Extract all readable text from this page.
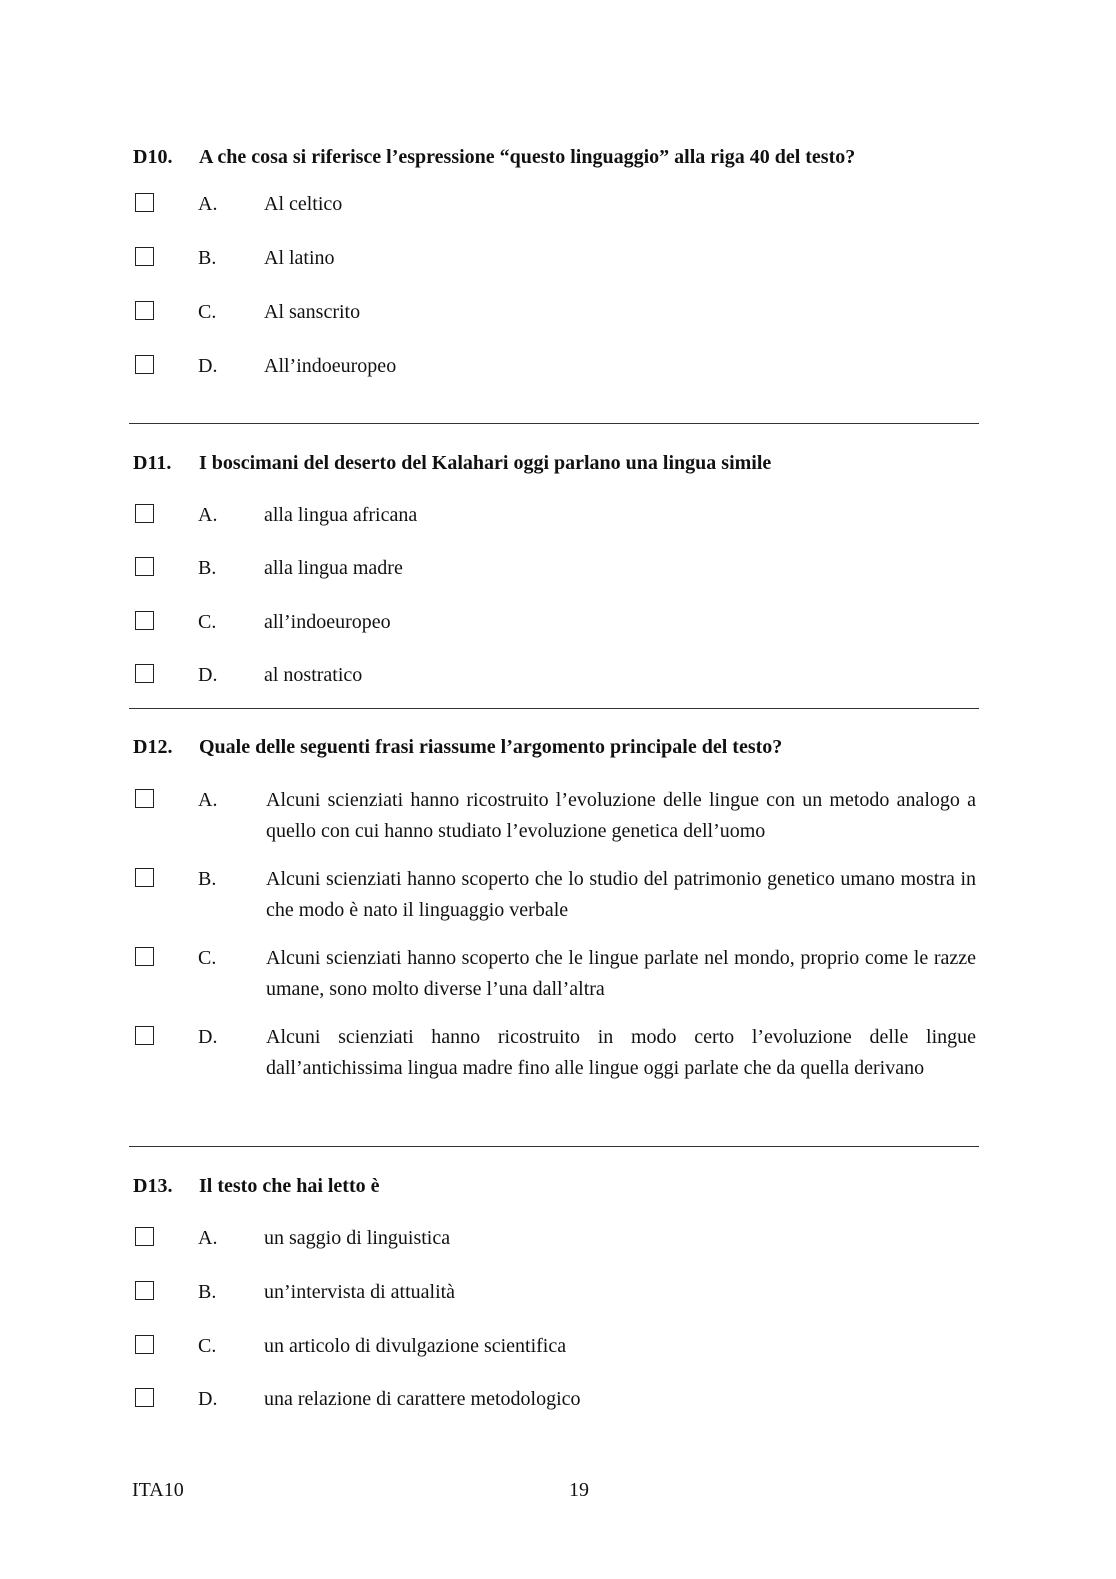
D10. A che cosa si riferisce l’espressione “questo linguaggio” alla riga 40 del testo?
A. Al celtico
B. Al latino
C. Al sanscrito
D. All’indoeuropeo
D11. I boscimani del deserto del Kalahari oggi parlano una lingua simile
A. alla lingua africana
B. alla lingua madre
C. all’indoeuropeo
D. al nostratico
D12. Quale delle seguenti frasi riassume l’argomento principale del testo?
A. Alcuni scienziati hanno ricostruito l’evoluzione delle lingue con un metodo analogo a quello con cui hanno studiato l’evoluzione genetica dell’uomo
B. Alcuni scienziati hanno scoperto che lo studio del patrimonio genetico umano mostra in che modo è nato il linguaggio verbale
C. Alcuni scienziati hanno scoperto che le lingue parlate nel mondo, proprio come le razze umane, sono molto diverse l’una dall’altra
D. Alcuni scienziati hanno ricostruito in modo certo l’evoluzione delle lingue dall’antichissima lingua madre fino alle lingue oggi parlate che da quella derivano
D13. Il testo che hai letto è
A. un saggio di linguistica
B. un’intervista di attualità
C. un articolo di divulgazione scientifica
D. una relazione di carattere metodologico
ITA10	19
